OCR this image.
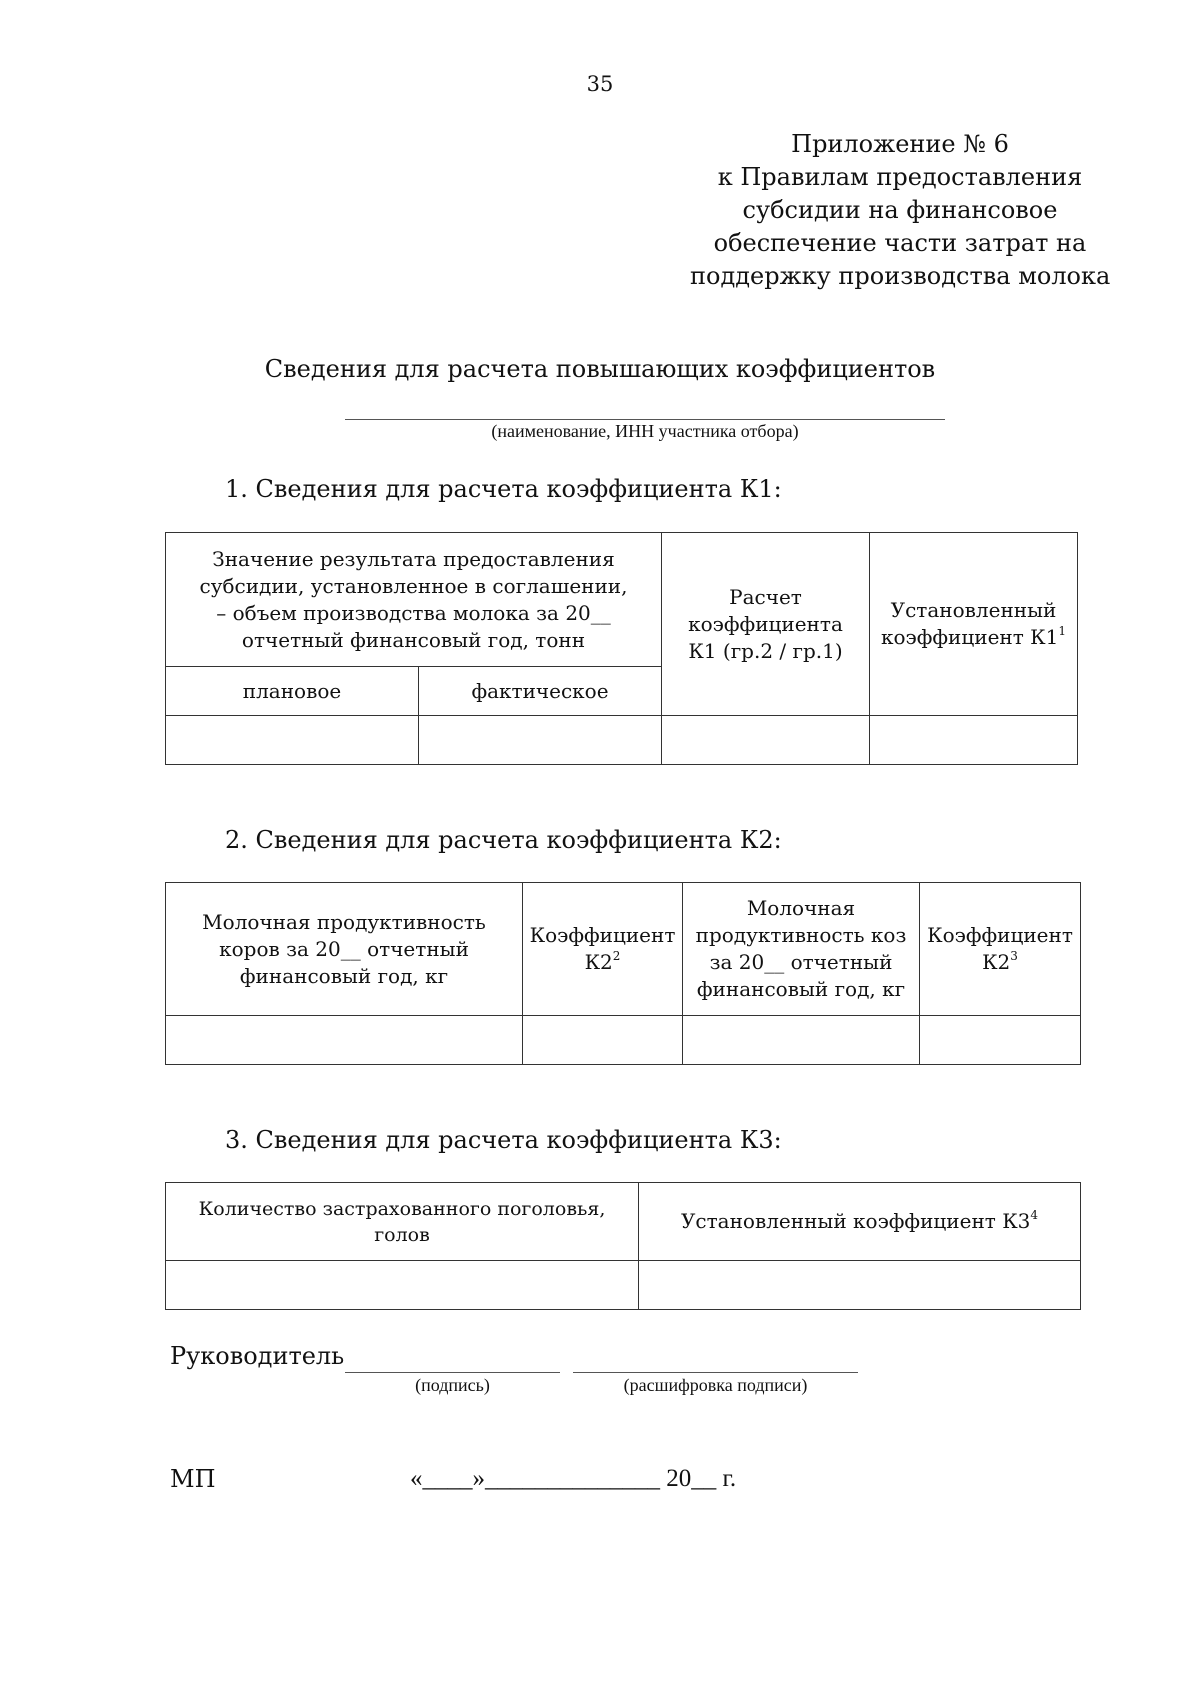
35
Приложение № 6
к Правилам предоставления
субсидии на финансовое
обеспечение части затрат на
поддержку производства молока
Сведения для расчета повышающих коэффициентов
(наименование, ИНН участника отбора)
1. Сведения для расчета коэффициента К1:
Значение результата предоставления субсидии, установленное в соглашении, – объем производства молока за 20__ отчетный финансовый год, тонн		Расчет коэффициента К1 (гр.2 / гр.1)	Установленный коэффициент $К1^1$
плановое	фактическое		

2. Сведения для расчета коэффициента К2:
Молочная продуктивность коров за 20__ отчетный финансовый год, кг	Коэффициент $К2^2$	Молочная продуктивность коз за 20__ отчетный финансовый год, кг	Коэффициент $К2^3$

3. Сведения для расчета коэффициента К3:
Количество застрахованного поголовья, голов	Установленный коэффициент $К3^4$

Руководитель
(подпись)	(расшифровка подписи)
МП	«____»______________ 20__ г.
